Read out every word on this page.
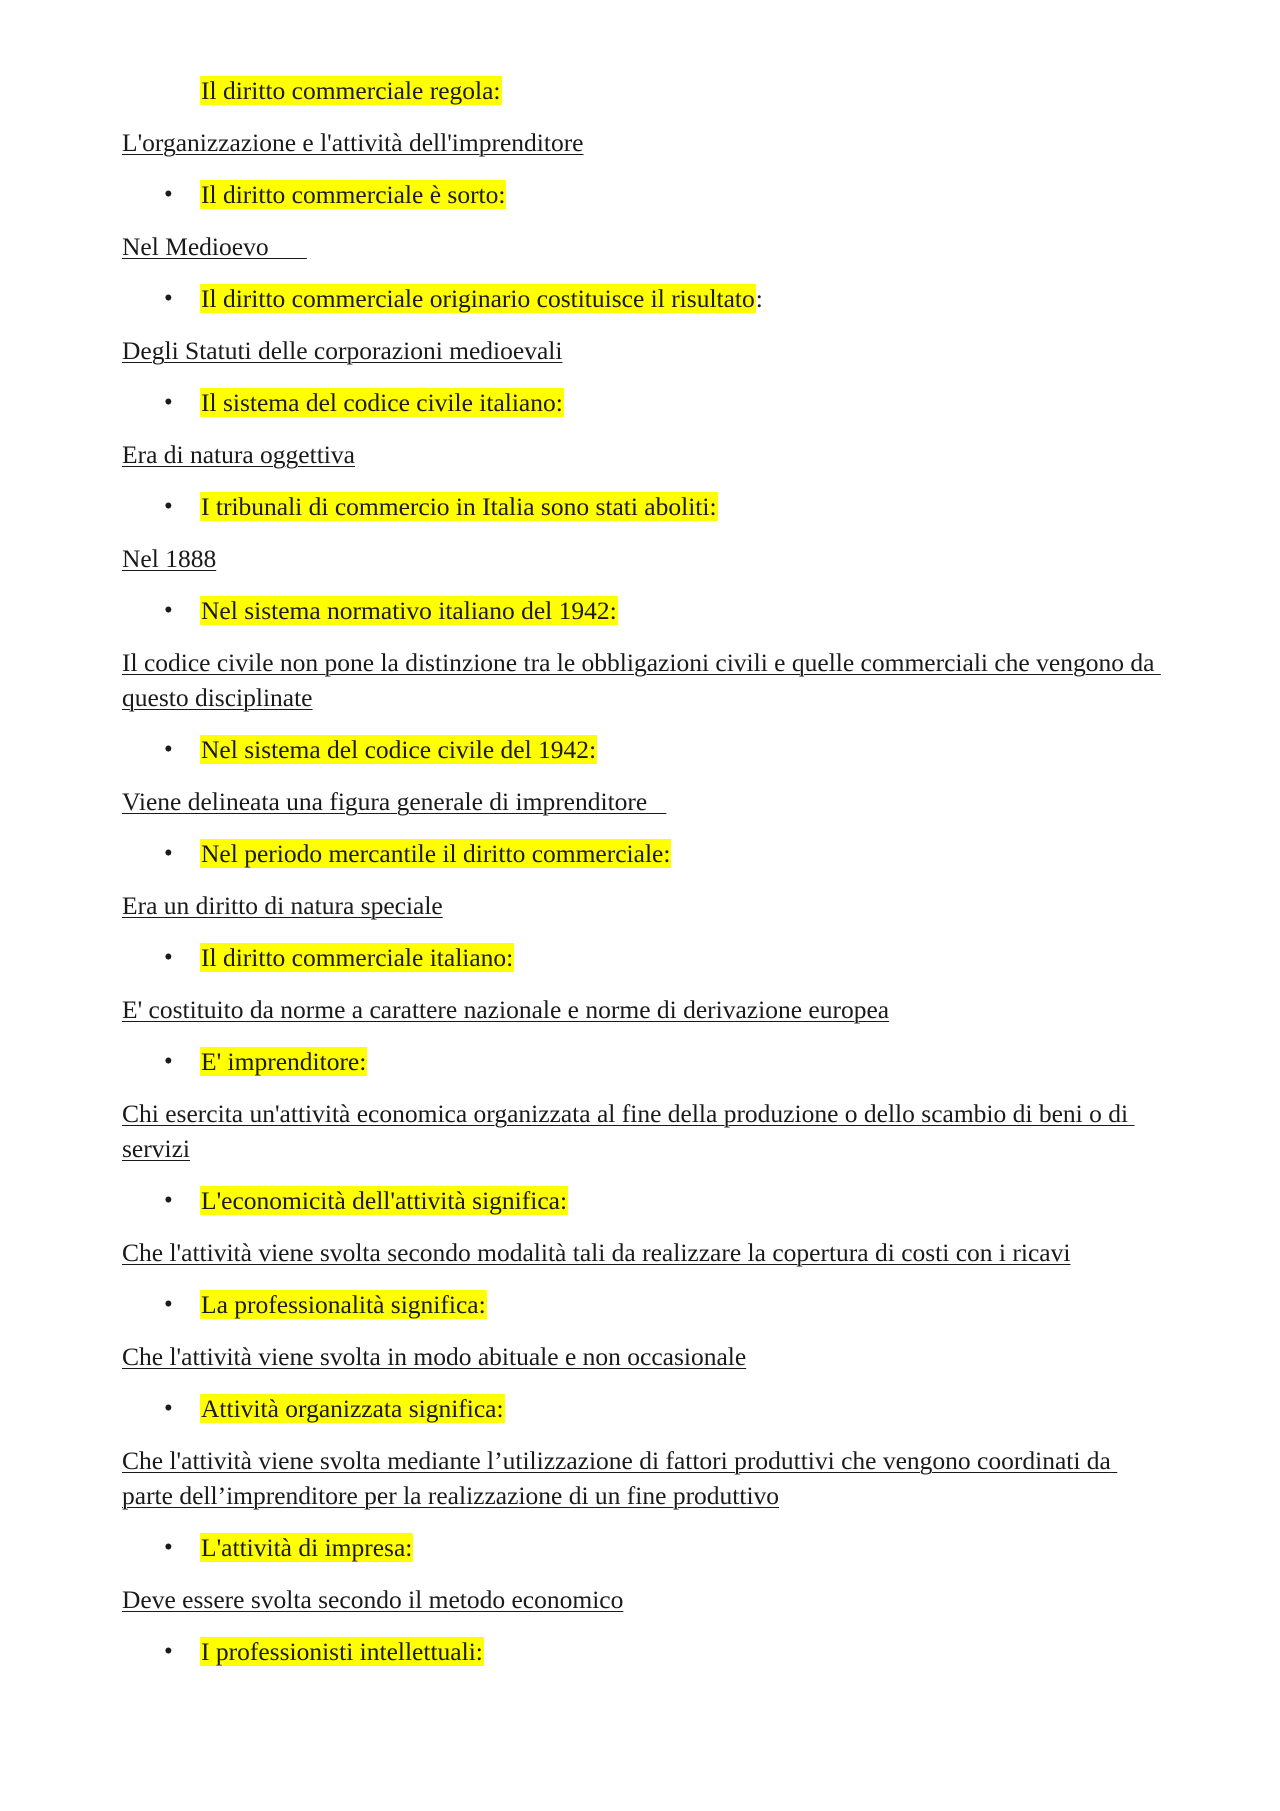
Il diritto commerciale regola:
L'organizzazione e l'attività dell'imprenditore
• Il diritto commerciale è sorto:
Nel Medioevo
• Il diritto commerciale originario costituisce il risultato:
Degli Statuti delle corporazioni medioevali
• Il sistema del codice civile italiano:
Era di natura oggettiva
• I tribunali di commercio in Italia sono stati aboliti:
Nel 1888
• Nel sistema normativo italiano del 1942:
Il codice civile non pone la distinzione tra le obbligazioni civili e quelle commerciali che vengono da questo disciplinate
• Nel sistema del codice civile del 1942:
Viene delineata una figura generale di imprenditore
• Nel periodo mercantile il diritto commerciale:
Era un diritto di natura speciale
• Il diritto commerciale italiano:
E' costituito da norme a carattere nazionale e norme di derivazione europea
• E' imprenditore:
Chi esercita un'attività economica organizzata al fine della produzione o dello scambio di beni o di servizi
• L'economicità dell'attività significa:
Che l'attività viene svolta secondo modalità tali da realizzare la copertura di costi con i ricavi
• La professionalità significa:
Che l'attività viene svolta in modo abituale e non occasionale
• Attività organizzata significa:
Che l'attività viene svolta mediante l’utilizzazione di fattori produttivi che vengono coordinati da parte dell’imprenditore per la realizzazione di un fine produttivo
• L'attività di impresa:
Deve essere svolta secondo il metodo economico
• I professionisti intellettuali:
